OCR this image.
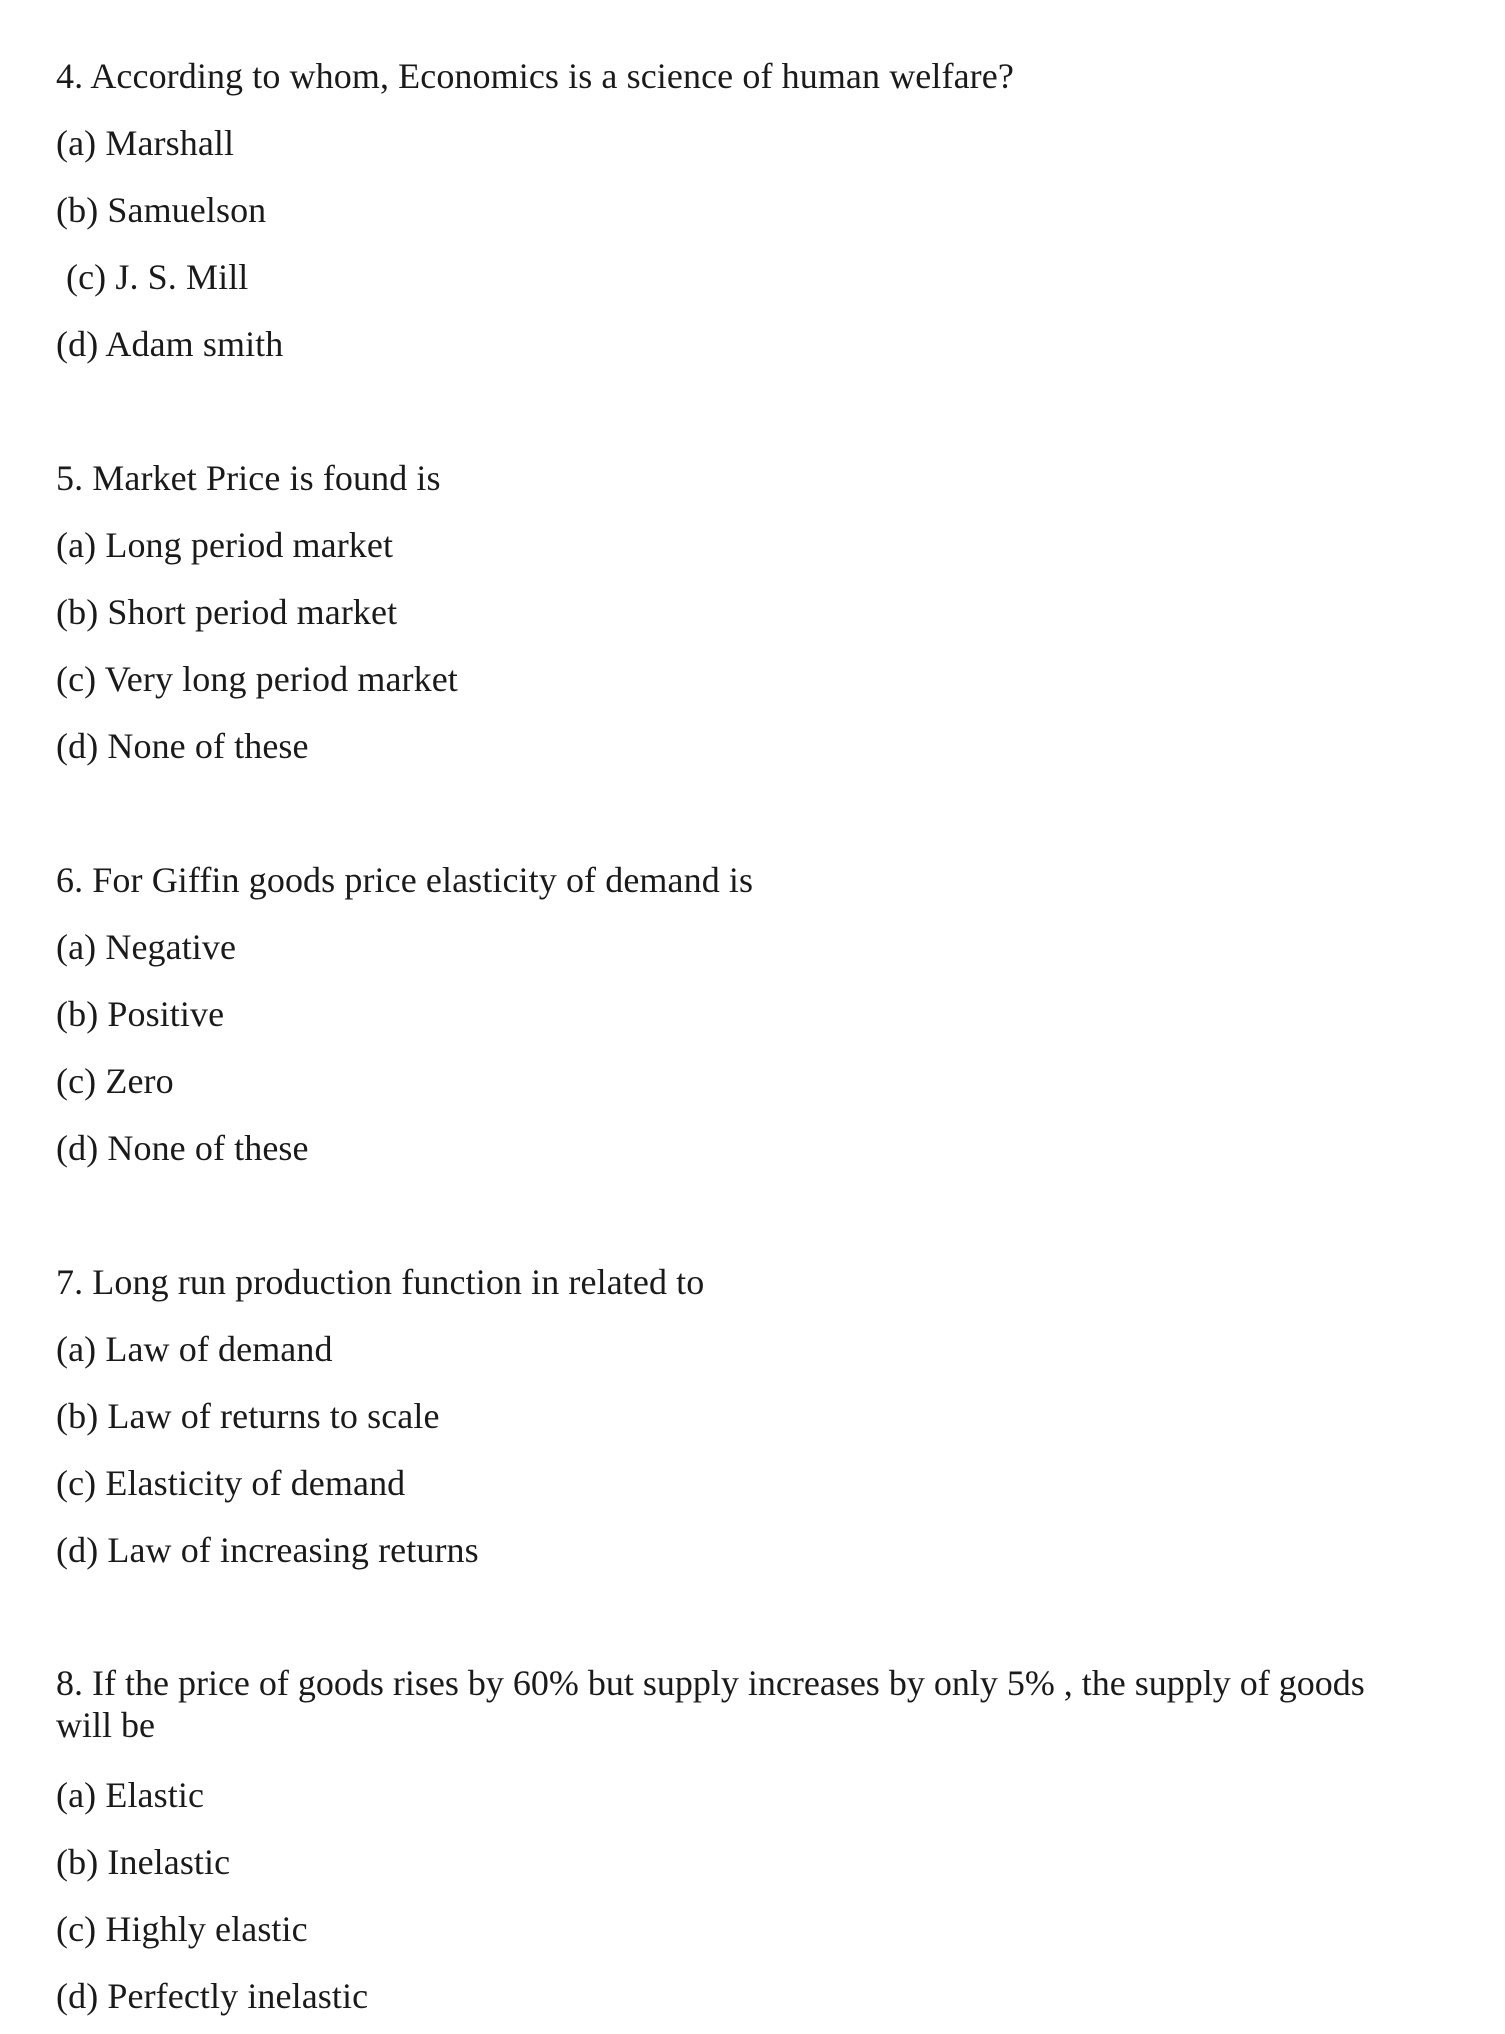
4. According to whom, Economics is a science of human welfare?
(a) Marshall
(b) Samuelson
(c) J. S. Mill
(d) Adam smith
5. Market Price is found is
(a) Long period market
(b) Short period market
(c) Very long period market
(d) None of these
6. For Giffin goods price elasticity of demand is
(a) Negative
(b) Positive
(c) Zero
(d) None of these
7. Long run production function in related to
(a) Law of demand
(b) Law of returns to scale
(c) Elasticity of demand
(d) Law of increasing returns
8. If the price of goods rises by 60% but supply increases by only 5% , the supply of goods will be
(a) Elastic
(b) Inelastic
(c) Highly elastic
(d) Perfectly inelastic
